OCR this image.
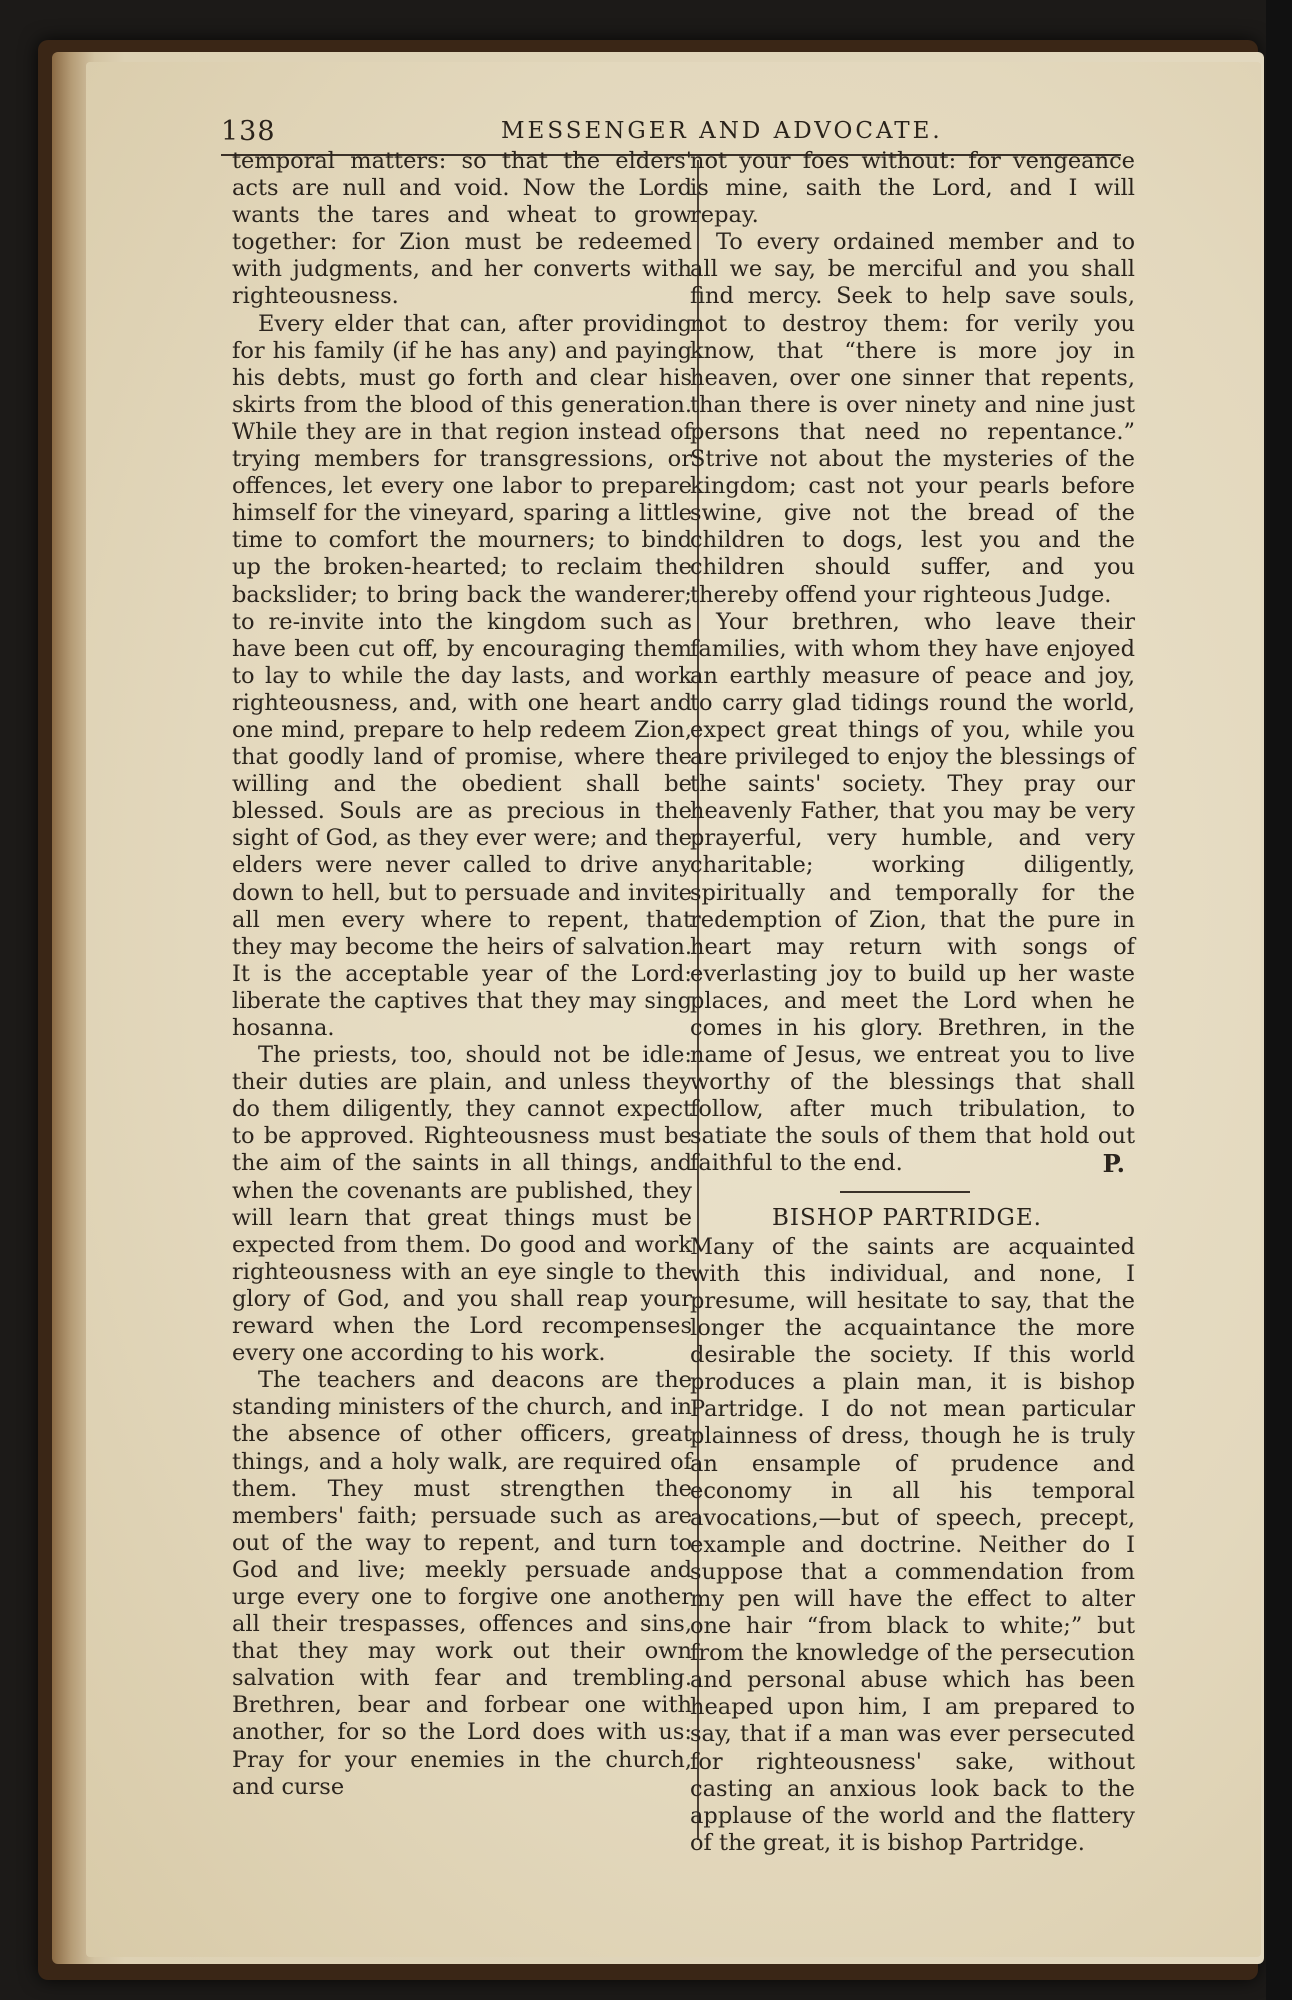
138	MESSENGER AND ADVOCATE.

temporal matters: so that the elders' acts are null and void. Now the Lord wants the tares and wheat to grow together: for Zion must be redeemed with judgments, and her converts with righteousness.

Every elder that can, after providing for his family (if he has any) and paying his debts, must go forth and clear his skirts from the blood of this generation. While they are in that region instead of trying members for transgressions, or offences, let every one labor to prepare himself for the vineyard, sparing a little time to comfort the mourners; to bind up the broken-hearted; to reclaim the backslider; to bring back the wanderer; to re-invite into the kingdom such as have been cut off, by encouraging them to lay to while the day lasts, and work righteousness, and, with one heart and one mind, prepare to help redeem Zion, that goodly land of promise, where the willing and the obedient shall be blessed. Souls are as precious in the sight of God, as they ever were; and the elders were never called to drive any down to hell, but to persuade and invite all men every where to repent, that they may become the heirs of salvation. It is the acceptable year of the Lord: liberate the captives that they may sing hosanna.

The priests, too, should not be idle: their duties are plain, and unless they do them diligently, they cannot expect to be approved. Righteousness must be the aim of the saints in all things, and when the covenants are published, they will learn that great things must be expected from them. Do good and work righteousness with an eye single to the glory of God, and you shall reap your reward when the Lord recompenses every one according to his work.

The teachers and deacons are the standing ministers of the church, and in the absence of other officers, great things, and a holy walk, are required of them. They must strengthen the members' faith; persuade such as are out of the way to repent, and turn to God and live; meekly persuade and urge every one to forgive one another all their trespasses, offences and sins, that they may work out their own salvation with fear and trembling. Brethren, bear and forbear one with another, for so the Lord does with us: Pray for your enemies in the church, and curse

not your foes without: for vengeance is mine, saith the Lord, and I will repay.

To every ordained member and to all we say, be merciful and you shall find mercy. Seek to help save souls, not to destroy them: for verily you know, that “there is more joy in heaven, over one sinner that repents, than there is over ninety and nine just persons that need no repentance.” Strive not about the mysteries of the kingdom; cast not your pearls before swine, give not the bread of the children to dogs, lest you and the children should suffer, and you thereby offend your righteous Judge.

Your brethren, who leave their families, with whom they have enjoyed an earthly measure of peace and joy, to carry glad tidings round the world, expect great things of you, while you are privileged to enjoy the blessings of the saints' society. They pray our heavenly Father, that you may be very prayerful, very humble, and very charitable; working diligently, spiritually and temporally for the redemption of Zion, that the pure in heart may return with songs of everlasting joy to build up her waste places, and meet the Lord when he comes in his glory. Brethren, in the name of Jesus, we entreat you to live worthy of the blessings that shall follow, after much tribulation, to satiate the souls of them that hold out faithful to the end.	P.
BISHOP PARTRIDGE.

Many of the saints are acquainted with this individual, and none, I presume, will hesitate to say, that the longer the acquaintance the more desirable the society. If this world produces a plain man, it is bishop Partridge. I do not mean particular plainness of dress, though he is truly an ensample of prudence and economy in all his temporal avocations,—but of speech, precept, example and doctrine. Neither do I suppose that a commendation from my pen will have the effect to alter one hair “from black to white;” but from the knowledge of the persecution and personal abuse which has been heaped upon him, I am prepared to say, that if a man was ever persecuted for righteousness' sake, without casting an anxious look back to the applause of the world and the flattery of the great, it is bishop Partridge.
